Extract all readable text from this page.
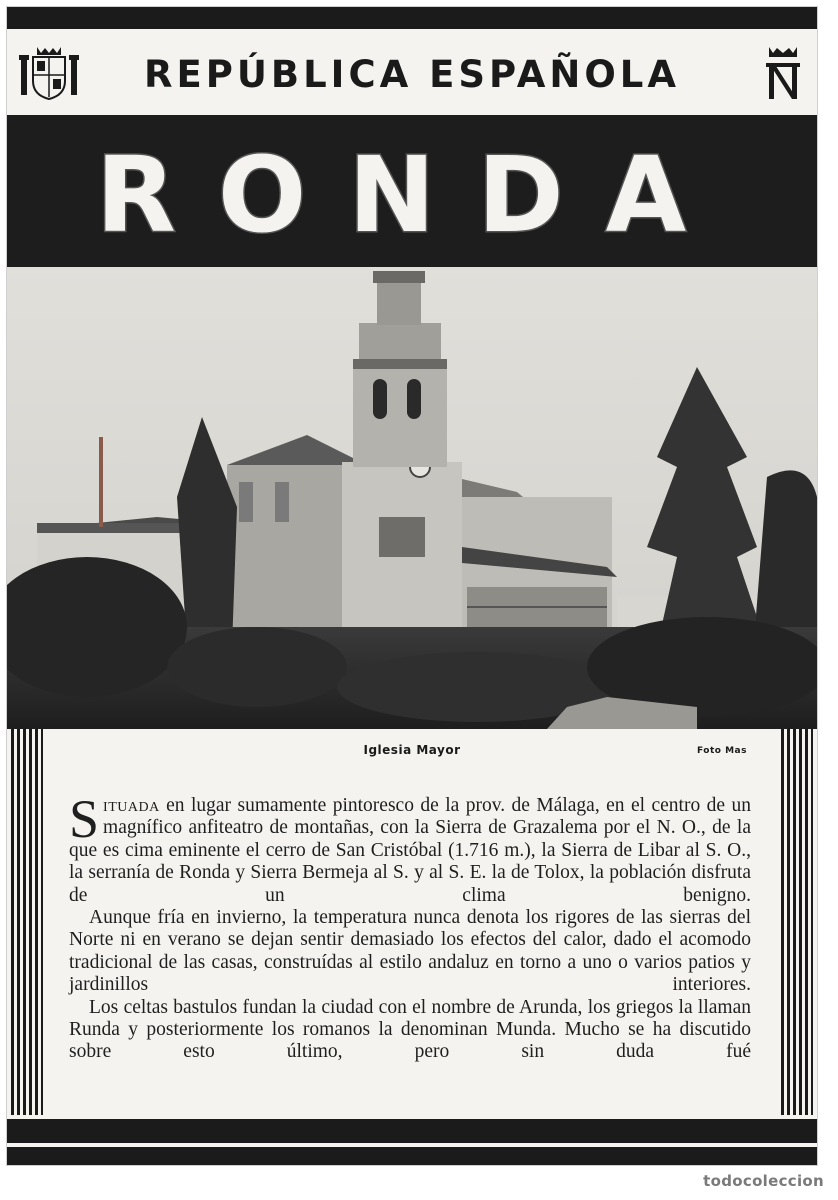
REPÚBLICA ESPAÑOLA
RONDA
Iglesia Mayor	Foto Mas

Situada en lugar sumamente pintoresco de la prov. de Málaga, en el centro de un magnífico anfiteatro de montañas, con la Sierra de Grazalema por el N. O., de la que es cima eminente el cerro de San Cristóbal (1.716 m.), la Sierra de Libar al S. O., la serranía de Ronda y Sierra Bermeja al S. y al S. E. la de Tolox, la población disfruta de un clima benigno.

Aunque fría en invierno, la temperatura nunca denota los rigores de las sierras del Norte ni en verano se dejan sentir demasiado los efectos del calor, dado el acomodo tradicional de las casas, construídas al estilo andaluz en torno a uno o varios patios y jardinillos interiores.

Los celtas bastulos fundan la ciudad con el nombre de Arunda, los griegos la llaman Runda y posteriormente los romanos la denominan Munda. Mucho se ha discutido sobre esto último, pero sin duda fué

todocoleccion
